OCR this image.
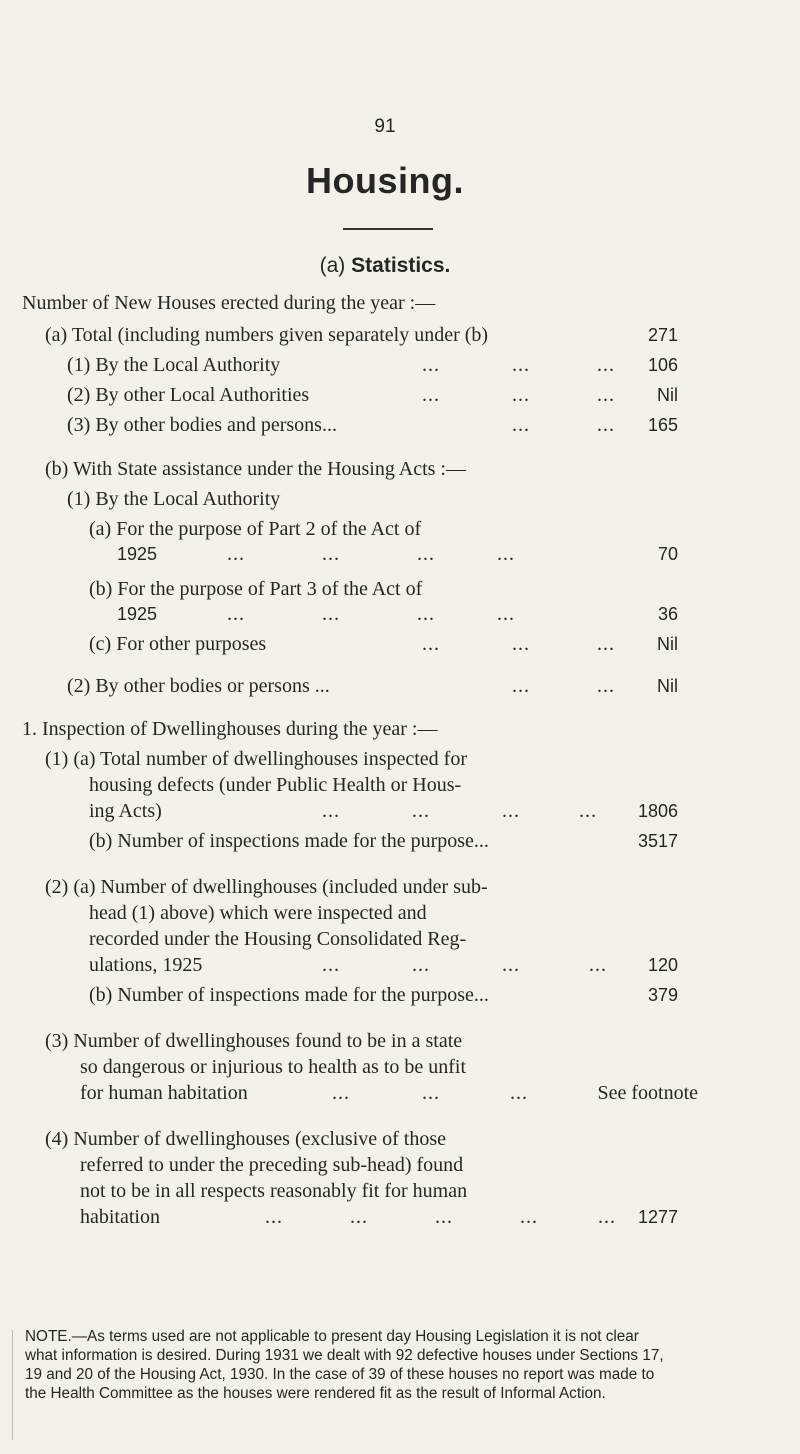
91
Housing.
(a) Statistics.
Number of New Houses erected during the year :—
(a) Total (including numbers given separately under (b)	271
(1) By the Local Authority	...	...	... 106
(2) By other Local Authorities	...	...	... Nil
(3) By other bodies and persons...	...	... 165
(b) With State assistance under the Housing Acts :—
(1) By the Local Authority
(a) For the purpose of Part 2 of the Act of
1925	...	...	...	...	70
(b) For the purpose of Part 3 of the Act of
1925	...	...	...	...	36
(c) For other purposes	...	...	... Nil
(2) By other bodies or persons ...	...	... Nil
1. Inspection of Dwellinghouses during the year :—
(1) (a) Total number of dwellinghouses inspected for
housing defects (under Public Health or Hous-
ing Acts)	...	...	...	... 1806
(b) Number of inspections made for the purpose...	3517
(2) (a) Number of dwellinghouses (included under sub-
head (1) above) which were inspected and
recorded under the Housing Consolidated Reg-
ulations, 1925	...	...	...	... 120
(b) Number of inspections made for the purpose...	379
(3) Number of dwellinghouses found to be in a state
so dangerous or injurious to health as to be unfit
for human habitation	...	...	...	See footnote
(4) Number of dwellinghouses (exclusive of those
referred to under the preceding sub-head) found
not to be in all respects reasonably fit for human
habitation	...	...	...	...	... 1277
NOTE.—As terms used are not applicable to present day Housing Legislation it is not clear what information is desired. During 1931 we dealt with 92 defective houses under Sections 17, 19 and 20 of the Housing Act, 1930. In the case of 39 of these houses no report was made to the Health Committee as the houses were rendered fit as the result of Informal Action.
